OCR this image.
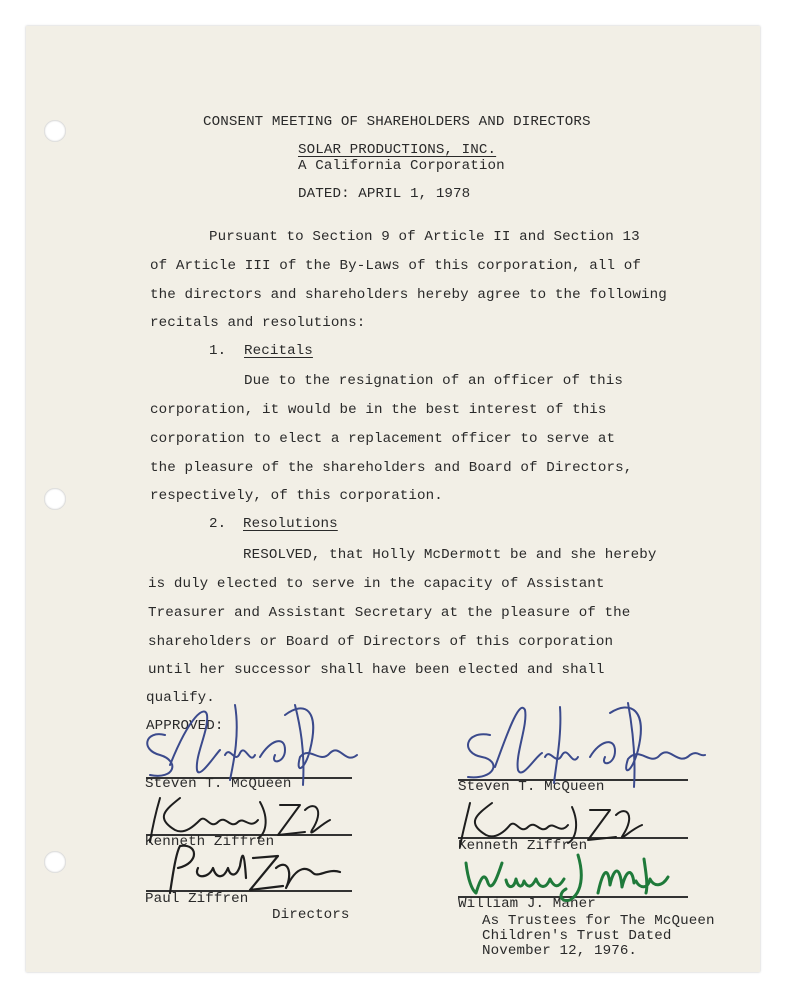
CONSENT MEETING OF SHAREHOLDERS AND DIRECTORS
SOLAR PRODUCTIONS, INC.
A California Corporation
DATED: APRIL 1, 1978
Pursuant to Section 9 of Article II and Section 13
of Article III of the By-Laws of this corporation, all of
the directors and shareholders hereby agree to the following
recitals and resolutions:
1. Recitals
Due to the resignation of an officer of this
corporation, it would be in the best interest of this
corporation to elect a replacement officer to serve at
the pleasure of the shareholders and Board of Directors,
respectively, of this corporation.
2. Resolutions
RESOLVED, that Holly McDermott be and she hereby
is duly elected to serve in the capacity of Assistant
Treasurer and Assistant Secretary at the pleasure of the
shareholders or Board of Directors of this corporation
until her successor shall have been elected and shall
qualify.
APPROVED:
Steven T. McQueen
Kenneth Ziffren
Paul Ziffren
Directors
Steven T. McQueen
Kenneth Ziffren
William J. Maher
As Trustees for The McQueen
Children's Trust Dated
November 12, 1976.
